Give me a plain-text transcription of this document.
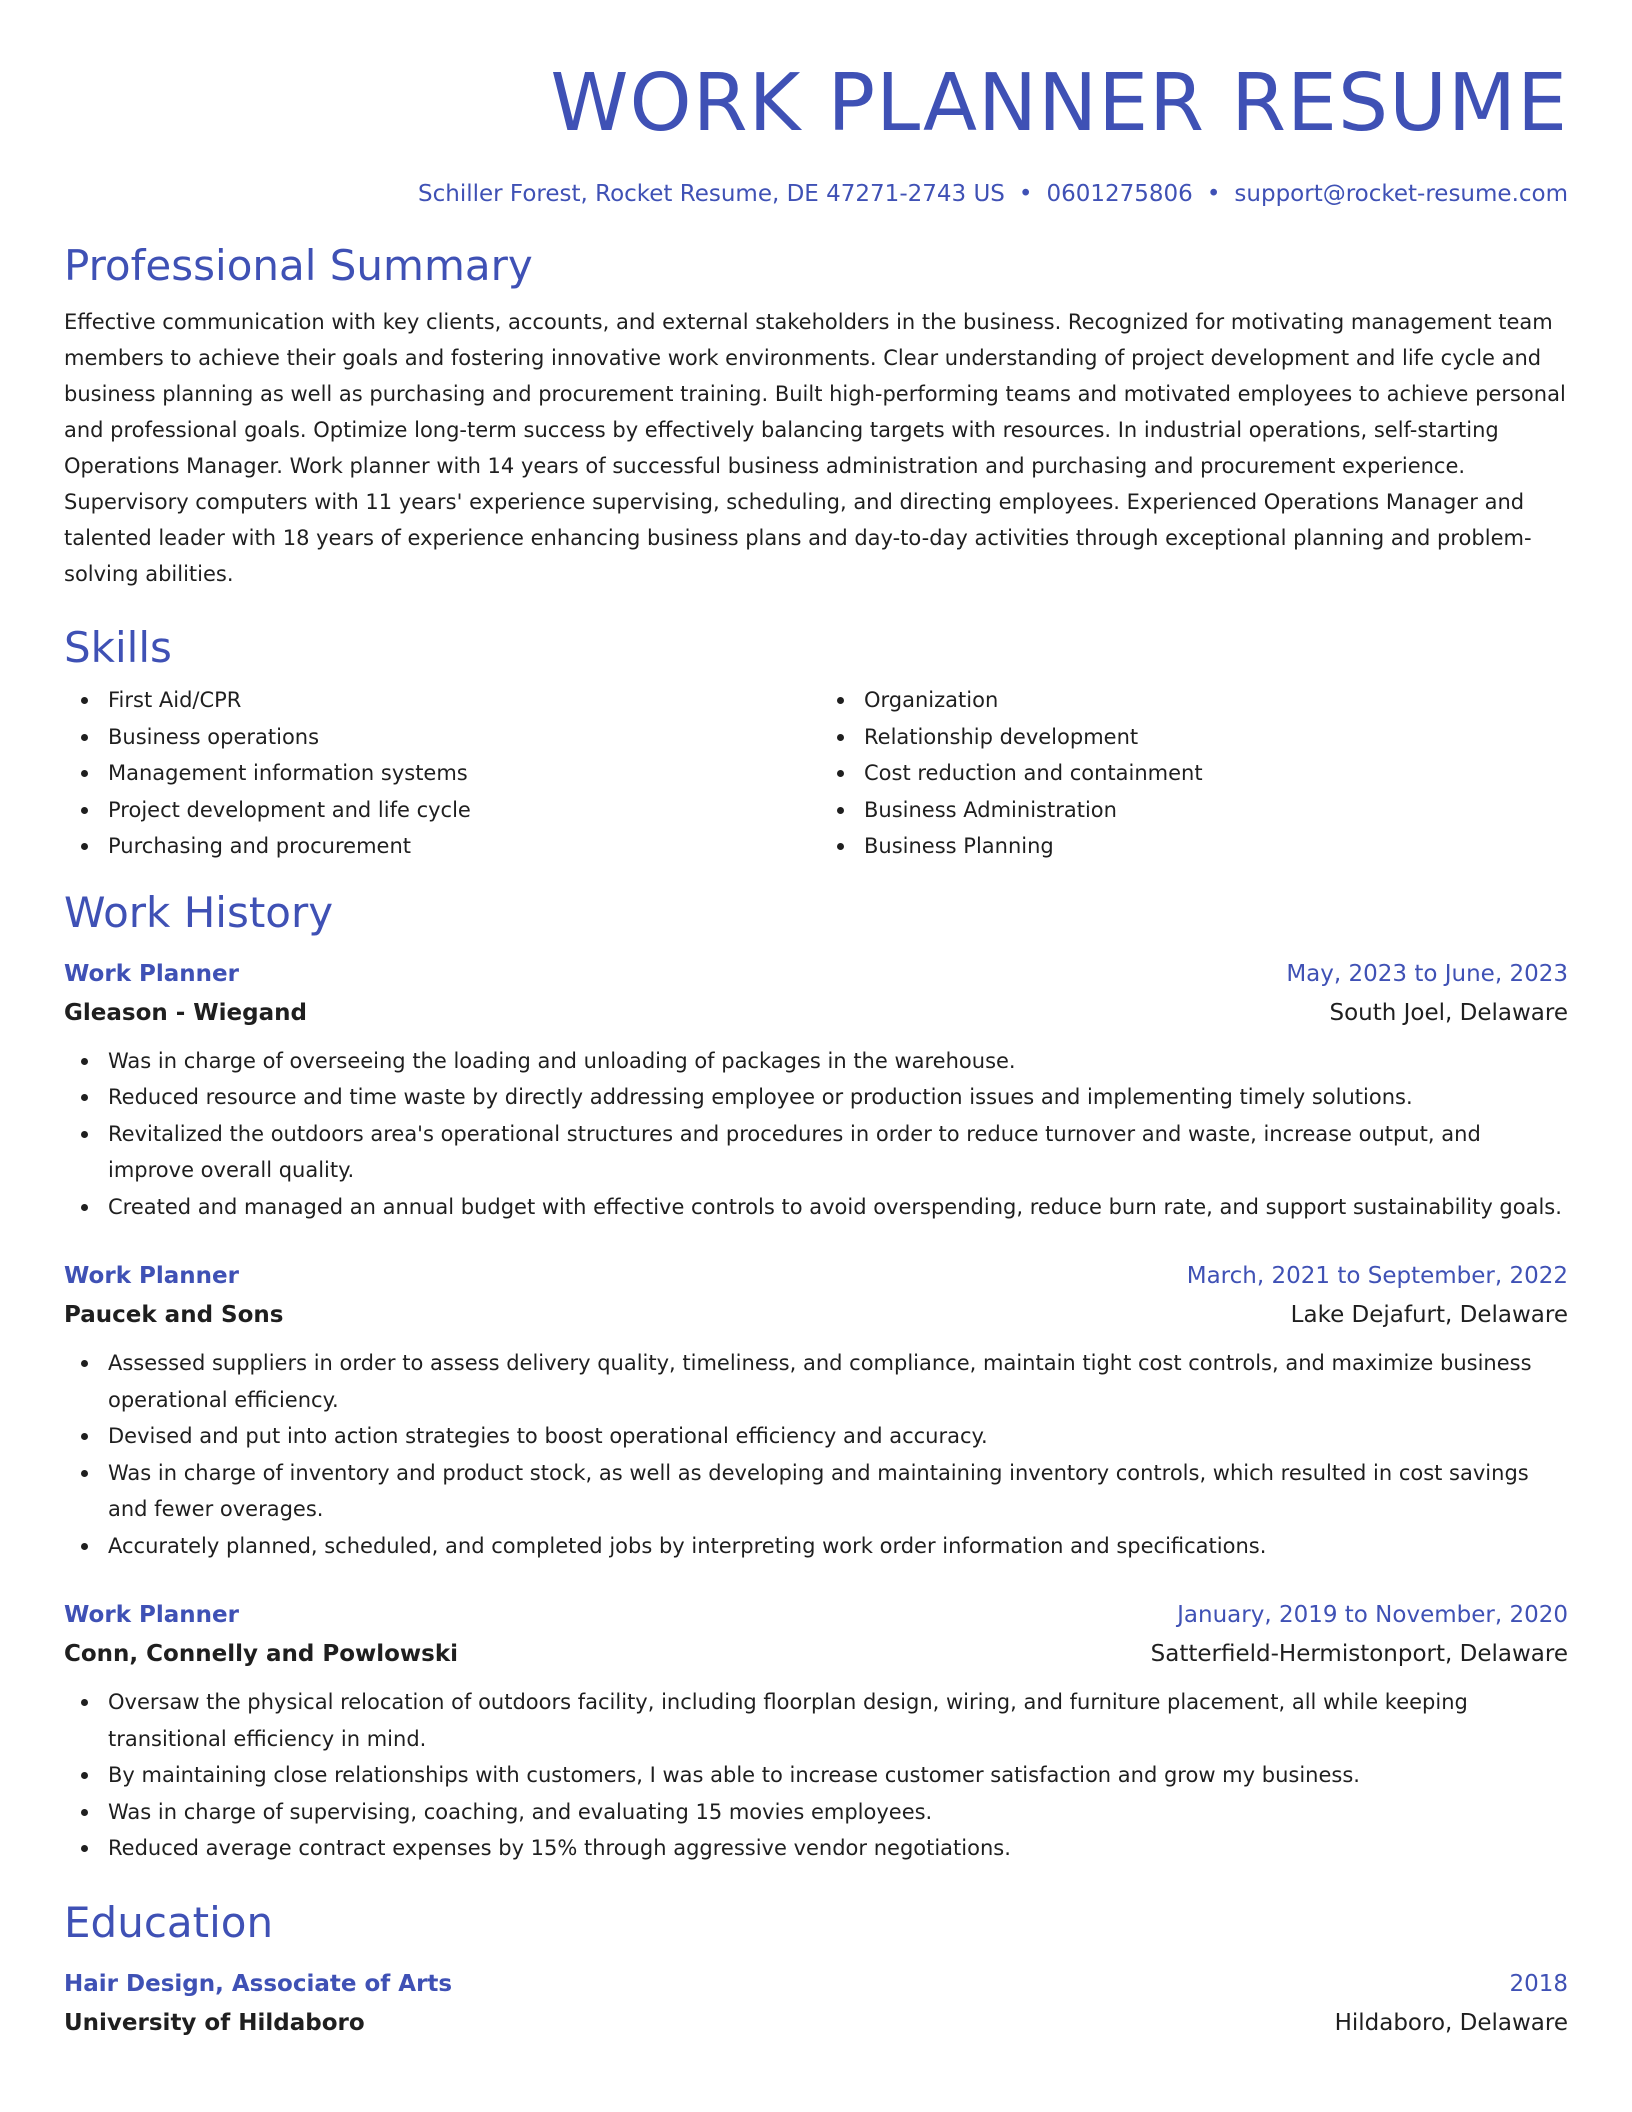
WORK PLANNER RESUME
Schiller Forest, Rocket Resume, DE 47271-2743 US • 0601275806 • support@rocket-resume.com
Professional Summary

Effective communication with key clients, accounts, and external stakeholders in the business. Recognized for motivating management team members to achieve their goals and fostering innovative work environments. Clear understanding of project development and life cycle and business planning as well as purchasing and procurement training. Built high-performing teams and motivated employees to achieve personal and professional goals. Optimize long-term success by effectively balancing targets with resources. In industrial operations, self-starting Operations Manager. Work planner with 14 years of successful business administration and purchasing and procurement experience. Supervisory computers with 11 years' experience supervising, scheduling, and directing employees. Experienced Operations Manager and talented leader with 18 years of experience enhancing business plans and day-to-day activities through exceptional planning and problem-solving abilities.

Skills
First Aid/CPR
Business operations
Management information systems
Project development and life cycle
Purchasing and procurement
Organization
Relationship development
Cost reduction and containment
Business Administration
Business Planning
Work History
Work Planner	May, 2023 to June, 2023
Gleason - Wiegand	South Joel, Delaware
Was in charge of overseeing the loading and unloading of packages in the warehouse.
Reduced resource and time waste by directly addressing employee or production issues and implementing timely solutions.
Revitalized the outdoors area's operational structures and procedures in order to reduce turnover and waste, increase output, and improve overall quality.
Created and managed an annual budget with effective controls to avoid overspending, reduce burn rate, and support sustainability goals.
Work Planner	March, 2021 to September, 2022
Paucek and Sons	Lake Dejafurt, Delaware
Assessed suppliers in order to assess delivery quality, timeliness, and compliance, maintain tight cost controls, and maximize business operational efficiency.
Devised and put into action strategies to boost operational efficiency and accuracy.
Was in charge of inventory and product stock, as well as developing and maintaining inventory controls, which resulted in cost savings and fewer overages.
Accurately planned, scheduled, and completed jobs by interpreting work order information and specifications.
Work Planner	January, 2019 to November, 2020
Conn, Connelly and Powlowski	Satterfield-Hermistonport, Delaware
Oversaw the physical relocation of outdoors facility, including floorplan design, wiring, and furniture placement, all while keeping transitional efficiency in mind.
By maintaining close relationships with customers, I was able to increase customer satisfaction and grow my business.
Was in charge of supervising, coaching, and evaluating 15 movies employees.
Reduced average contract expenses by 15% through aggressive vendor negotiations.
Education
Hair Design, Associate of Arts	2018
University of Hildaboro	Hildaboro, Delaware
